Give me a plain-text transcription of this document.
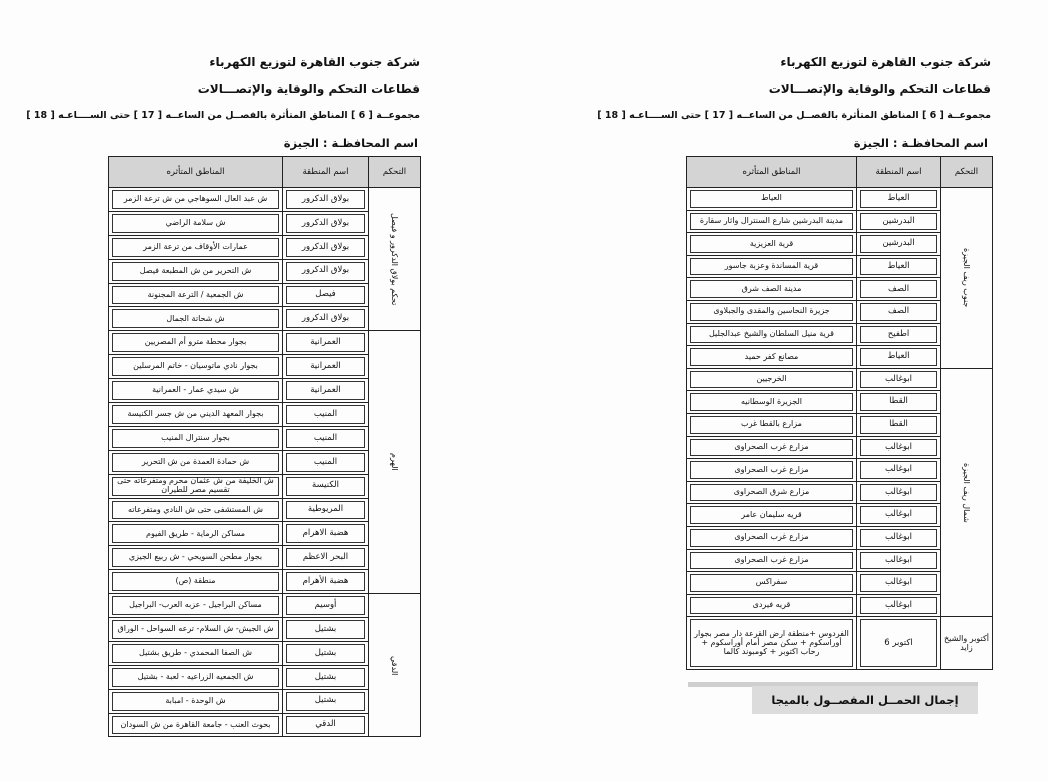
شركة جنوب القاهرة لتوزيع الكهرباء
قطاعات التحكم والوقاية والإتصـــالات
مجموعــة [ 6 ] المناطق المتأثرة بالفصــل من الساعــه [ 17 ] حتى الســــاعـه [ 18 ]
اسم المحافظـة : الجيزة
التحكم	اسم المنطقة	المناطق المتأثره
تحكم بولاق الدكرور و فيصل	بولاق الدكرور	ش عبد العال السوهاجي من ش ترعة الزمر

بولاق الدكرور	ش سلامة الراضي

بولاق الدكرور	عمارات الأوقاف من ترعة الزمر

بولاق الدكرور	ش التحرير من ش المطبعة فيصل

فيصل	ش الجمعية / الترعة المجنونة

بولاق الدكرور	ش شحاتة الجمال

الهرم	العمرانية	بجوار محطة مترو أم المصريين

العمرانية	بجوار نادي ماتوسيان - خاتم المرسلين

العمرانية	ش سيدي عمار - العمرانية

المنيب	بجوار المعهد الديني من ش جسر الكنيسة

المنيب	بجوار سنترال المنيب

المنيب	ش حمادة العمدة من ش التحرير

الكنيسة	ش الخليفة من ش عثمان محرم ومتفرعاته حتى تقسيم مصر للطيران

المريوطية	ش المستشفى حتى ش النادي ومتفرعاته

هضبة الاهرام	مساكن الرماية - طريق الفيوم

البحر الاعظم	بجوار مطحن السويحي - ش ربيع الجيزي

هضبة الأهرام	منطقة (ص)

الدقي	أوسيم	مساكن البراجيل - عزبه العرب- البراجيل

بشتيل	ش الجيش- ش السلام- ترعه السواحل - الوراق

بشتيل	ش الصفا المحمدي - طريق بشتيل

بشتيل	ش الجمعيه الزراعيه - لعبة - بشتيل

بشتيل	ش الوحدة - امبابة

الدقي	بحوث العنب - جامعة القاهرة من ش السودان
شركة جنوب القاهرة لتوزيع الكهرباء
قطاعات التحكم والوقاية والإتصـــالات
مجموعــة [ 6 ] المناطق المتأثرة بالفصــل من الساعــه [ 17 ] حتى الســــاعـه [ 18 ]
اسم المحافظـة : الجيزة
التحكم	اسم المنطقة	المناطق المتأثره
جنوب ريف الجيزة	العياط	العياط

البدرشين	مدينة البدرشين شارع السنترال واثار سقارة

البدرشين	قرية العزيزية

العياط	قرية المساندة وعزبة جاسور

الصف	مدينة الصف شرق

الصف	جزيرة النحاسين والمقدى والجبلاوى

اطفيح	قرية منيل السلطان والشيخ عبدالجليل

العياط	مصانع كفر حميد

شمال ريف الجيزة	ابوغالب	الخرجيين

القطا	الجزيرة الوسطانيه

القطا	مزارع بالقطا غرب

ابوغالب	مزارع غرب الصحراوى

ابوغالب	مزارع غرب الصحراوى

ابوغالب	مزارع شرق الصحراوى

ابوغالب	قريه سليمان عامر

ابوغالب	مزارع غرب الصحراوى

ابوغالب	مزارع غرب الصحراوى

ابوغالب	سفراكس

ابوغالب	قريه فيردى

أكتوبر والشيخ زايد	اكتوبر 6	الفردوس +منطقة ارض القرعة دار مصر بجوار أوراسكوم + سكن مصر أمام أوراسكوم + رحاب اكتوبر + كومبوند كالما
إجمال الحمــل المفصــول بالميجا
